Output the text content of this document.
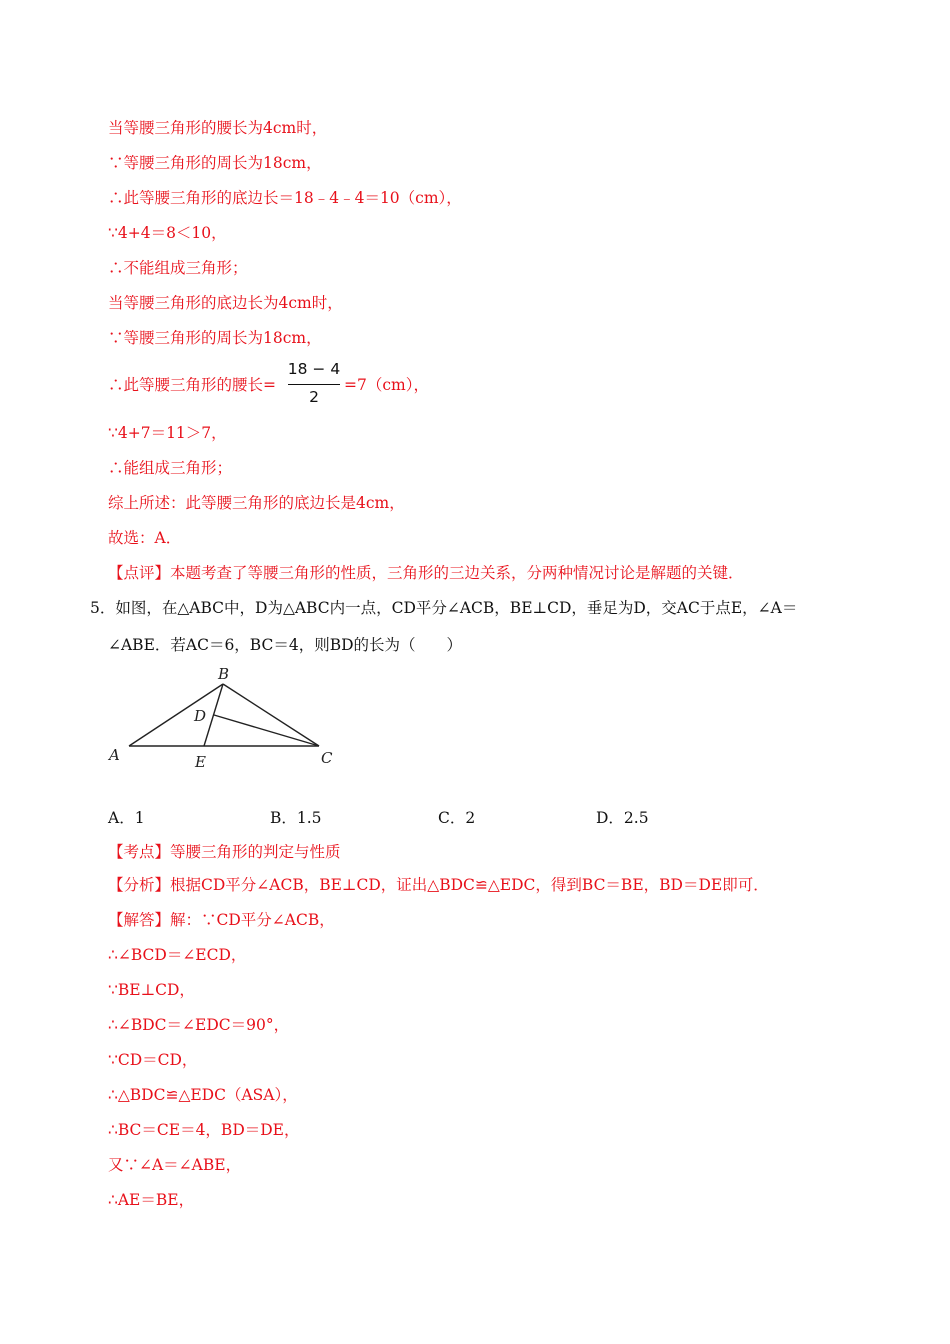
当等腰三角形的腰长为4cm时，
∵等腰三角形的周长为18cm，
∴此等腰三角形的底边长＝18﹣4﹣4＝10（cm），
∵4+4＝8＜10，
∴不能组成三角形；
当等腰三角形的底边长为4cm时，
∵等腰三角形的周长为18cm，
∴此等腰三角形的腰长=
18 − 4
2
=7（cm），
∵4+7＝11＞7，
∴能组成三角形；
综上所述：此等腰三角形的底边长是4cm，
故选：A．
【点评】本题考查了等腰三角形的性质，三角形的三边关系，分两种情况讨论是解题的关键．
5．如图，在△ABC中，D为△ABC内一点，CD平分∠ACB，BE⊥CD，垂足为D，交AC于点E，∠A＝
∠ABE．若AC＝6，BC＝4，则BD的长为（　　）
B
D
A	E	C
A．1	B．1.5	C．2	D．2.5
【考点】等腰三角形的判定与性质
【分析】根据CD平分∠ACB，BE⊥CD，证出△BDC≌△EDC，得到BC＝BE，BD＝DE即可．
【解答】解：∵CD平分∠ACB，
∴∠BCD＝∠ECD，
∵BE⊥CD，
∴∠BDC＝∠EDC＝90°，
∵CD＝CD，
∴△BDC≌△EDC（ASA），
∴BC＝CE＝4，BD＝DE，
又∵∠A＝∠ABE，
∴AE＝BE，
